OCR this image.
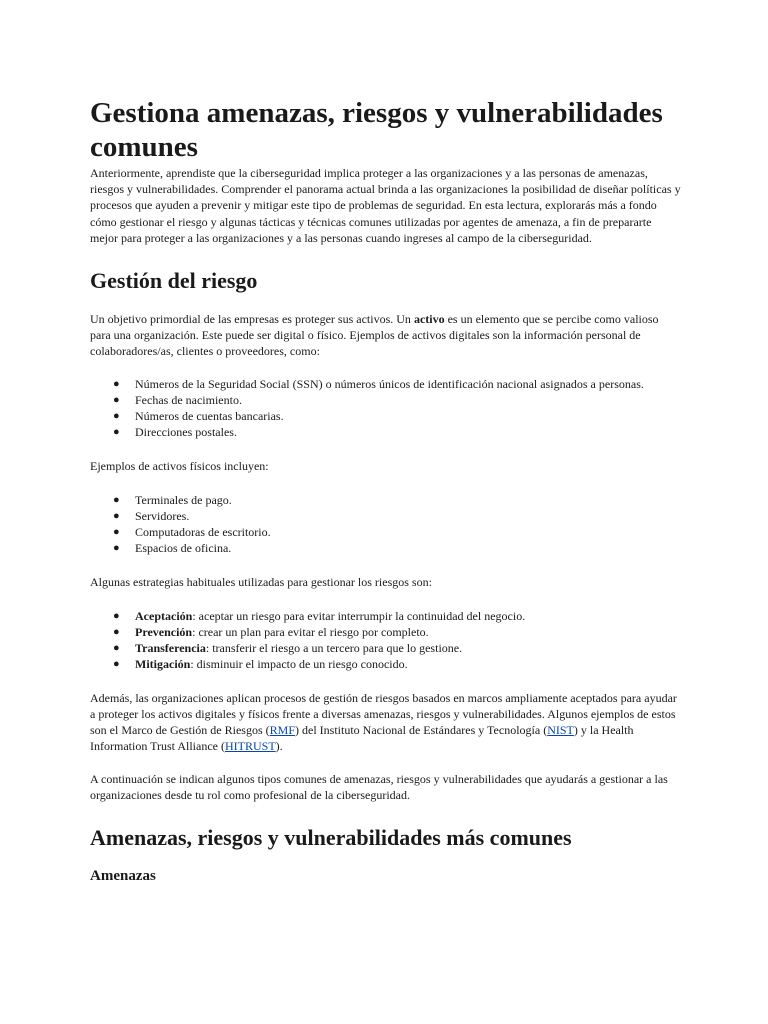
Gestiona amenazas, riesgos y vulnerabilidades comunes

Anteriormente, aprendiste que la ciberseguridad implica proteger a las organizaciones y a las personas de amenazas, riesgos y vulnerabilidades. Comprender el panorama actual brinda a las organizaciones la posibilidad de diseñar políticas y procesos que ayuden a prevenir y mitigar este tipo de problemas de seguridad. En esta lectura, explorarás más a fondo cómo gestionar el riesgo y algunas tácticas y técnicas comunes utilizadas por agentes de amenaza, a fin de prepararte mejor para proteger a las organizaciones y a las personas cuando ingreses al campo de la ciberseguridad.

Gestión del riesgo

Un objetivo primordial de las empresas es proteger sus activos. Un activo es un elemento que se percibe como valioso para una organización. Este puede ser digital o físico. Ejemplos de activos digitales son la información personal de colaboradores/as, clientes o proveedores, como:

● Números de la Seguridad Social (SSN) o números únicos de identificación nacional asignados a personas.
● Fechas de nacimiento.
● Números de cuentas bancarias.
● Direcciones postales.

Ejemplos de activos físicos incluyen:

● Terminales de pago.
● Servidores.
● Computadoras de escritorio.
● Espacios de oficina.

Algunas estrategias habituales utilizadas para gestionar los riesgos son:

● Aceptación: aceptar un riesgo para evitar interrumpir la continuidad del negocio.
● Prevención: crear un plan para evitar el riesgo por completo.
● Transferencia: transferir el riesgo a un tercero para que lo gestione.
● Mitigación: disminuir el impacto de un riesgo conocido.

Además, las organizaciones aplican procesos de gestión de riesgos basados en marcos ampliamente aceptados para ayudar a proteger los activos digitales y físicos frente a diversas amenazas, riesgos y vulnerabilidades. Algunos ejemplos de estos son el Marco de Gestión de Riesgos (RMF) del Instituto Nacional de Estándares y Tecnología (NIST) y la Health Information Trust Alliance (HITRUST).

A continuación se indican algunos tipos comunes de amenazas, riesgos y vulnerabilidades que ayudarás a gestionar a las organizaciones desde tu rol como profesional de la ciberseguridad.

Amenazas, riesgos y vulnerabilidades más comunes
Amenazas
